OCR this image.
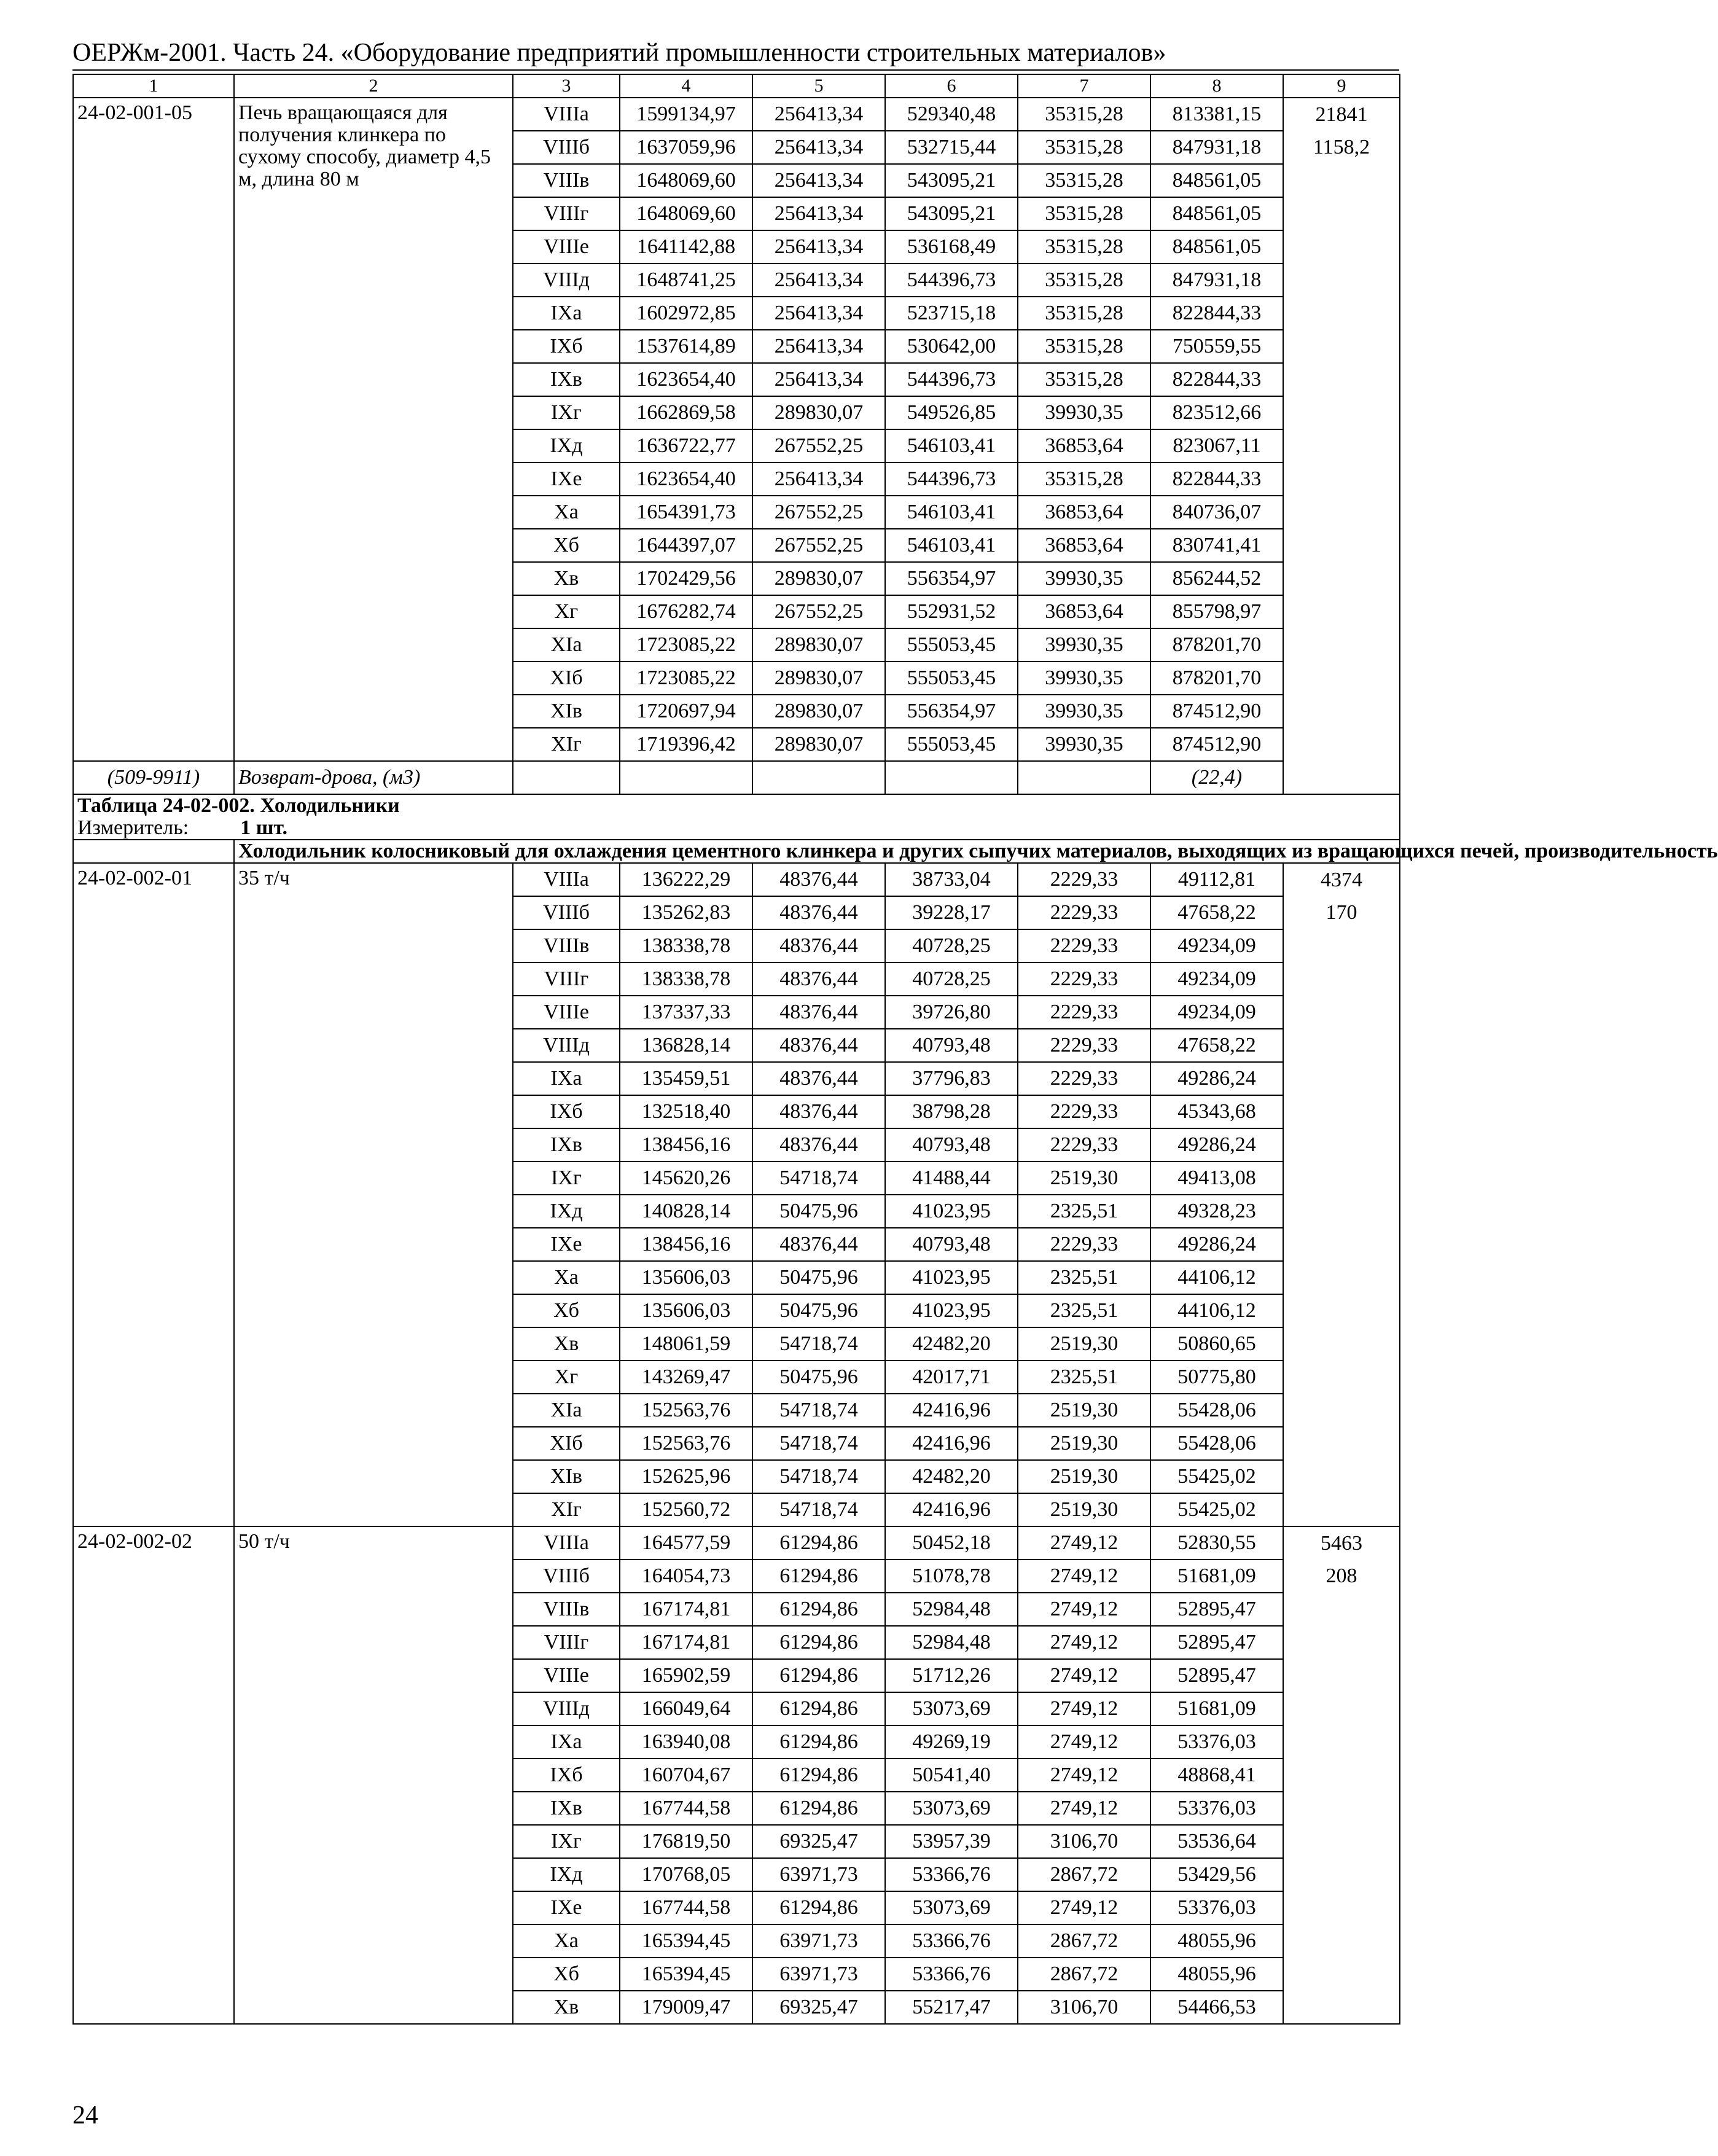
ОЕРЖм-2001. Часть 24. «Оборудование предприятий промышленности строительных материалов»
1	2	3	4	5	6	7	8	9
24-02-001-05	Печь вращающаяся для получения клинкера по сухому способу, диаметр 4,5 м, длина 80 м	VIIIа	1599134,97	256413,34	529340,48	35315,28	813381,15	21841
		VIIIб	1637059,96	256413,34	532715,44	35315,28	847931,18	1158,2
		VIIIв	1648069,60	256413,34	543095,21	35315,28	848561,05	
		VIIIг	1648069,60	256413,34	543095,21	35315,28	848561,05	
		VIIIе	1641142,88	256413,34	536168,49	35315,28	848561,05	
		VIIIд	1648741,25	256413,34	544396,73	35315,28	847931,18	
		IXа	1602972,85	256413,34	523715,18	35315,28	822844,33	
		IXб	1537614,89	256413,34	530642,00	35315,28	750559,55	
		IXв	1623654,40	256413,34	544396,73	35315,28	822844,33	
		IXг	1662869,58	289830,07	549526,85	39930,35	823512,66	
		IXд	1636722,77	267552,25	546103,41	36853,64	823067,11	
		IXе	1623654,40	256413,34	544396,73	35315,28	822844,33	
		Xа	1654391,73	267552,25	546103,41	36853,64	840736,07	
		Xб	1644397,07	267552,25	546103,41	36853,64	830741,41	
		Xв	1702429,56	289830,07	556354,97	39930,35	856244,52	
		Xг	1676282,74	267552,25	552931,52	36853,64	855798,97	
		XIа	1723085,22	289830,07	555053,45	39930,35	878201,70	
		XIб	1723085,22	289830,07	555053,45	39930,35	878201,70	
		XIв	1720697,94	289830,07	556354,97	39930,35	874512,90	
		XIг	1719396,42	289830,07	555053,45	39930,35	874512,90	
(509-9911)	Возврат-дрова, (м3)						(22,4)	
Таблица 24-02-002. Холодильники								
Измеритель: 1 шт.								
	Холодильник колосниковый для охлаждения цементного клинкера и других сыпучих материалов, выходящих из вращающихся печей, производительность							
24-02-002-01	35 т/ч	VIIIа	136222,29	48376,44	38733,04	2229,33	49112,81	4374
		VIIIб	135262,83	48376,44	39228,17	2229,33	47658,22	170
		VIIIв	138338,78	48376,44	40728,25	2229,33	49234,09	
		VIIIг	138338,78	48376,44	40728,25	2229,33	49234,09	
		VIIIе	137337,33	48376,44	39726,80	2229,33	49234,09	
		VIIIд	136828,14	48376,44	40793,48	2229,33	47658,22	
		IXа	135459,51	48376,44	37796,83	2229,33	49286,24	
		IXб	132518,40	48376,44	38798,28	2229,33	45343,68	
		IXв	138456,16	48376,44	40793,48	2229,33	49286,24	
		IXг	145620,26	54718,74	41488,44	2519,30	49413,08	
		IXд	140828,14	50475,96	41023,95	2325,51	49328,23	
		IXе	138456,16	48376,44	40793,48	2229,33	49286,24	
		Xа	135606,03	50475,96	41023,95	2325,51	44106,12	
		Xб	135606,03	50475,96	41023,95	2325,51	44106,12	
		Xв	148061,59	54718,74	42482,20	2519,30	50860,65	
		Xг	143269,47	50475,96	42017,71	2325,51	50775,80	
		XIа	152563,76	54718,74	42416,96	2519,30	55428,06	
		XIб	152563,76	54718,74	42416,96	2519,30	55428,06	
		XIв	152625,96	54718,74	42482,20	2519,30	55425,02	
		XIг	152560,72	54718,74	42416,96	2519,30	55425,02	
24-02-002-02	50 т/ч	VIIIа	164577,59	61294,86	50452,18	2749,12	52830,55	5463
		VIIIб	164054,73	61294,86	51078,78	2749,12	51681,09	208
		VIIIв	167174,81	61294,86	52984,48	2749,12	52895,47	
		VIIIг	167174,81	61294,86	52984,48	2749,12	52895,47	
		VIIIе	165902,59	61294,86	51712,26	2749,12	52895,47	
		VIIIд	166049,64	61294,86	53073,69	2749,12	51681,09	
		IXа	163940,08	61294,86	49269,19	2749,12	53376,03	
		IXб	160704,67	61294,86	50541,40	2749,12	48868,41	
		IXв	167744,58	61294,86	53073,69	2749,12	53376,03	
		IXг	176819,50	69325,47	53957,39	3106,70	53536,64	
		IXд	170768,05	63971,73	53366,76	2867,72	53429,56	
		IXе	167744,58	61294,86	53073,69	2749,12	53376,03	
		Xа	165394,45	63971,73	53366,76	2867,72	48055,96	
		Xб	165394,45	63971,73	53366,76	2867,72	48055,96	
		Xв	179009,47	69325,47	55217,47	3106,70	54466,53	
24
